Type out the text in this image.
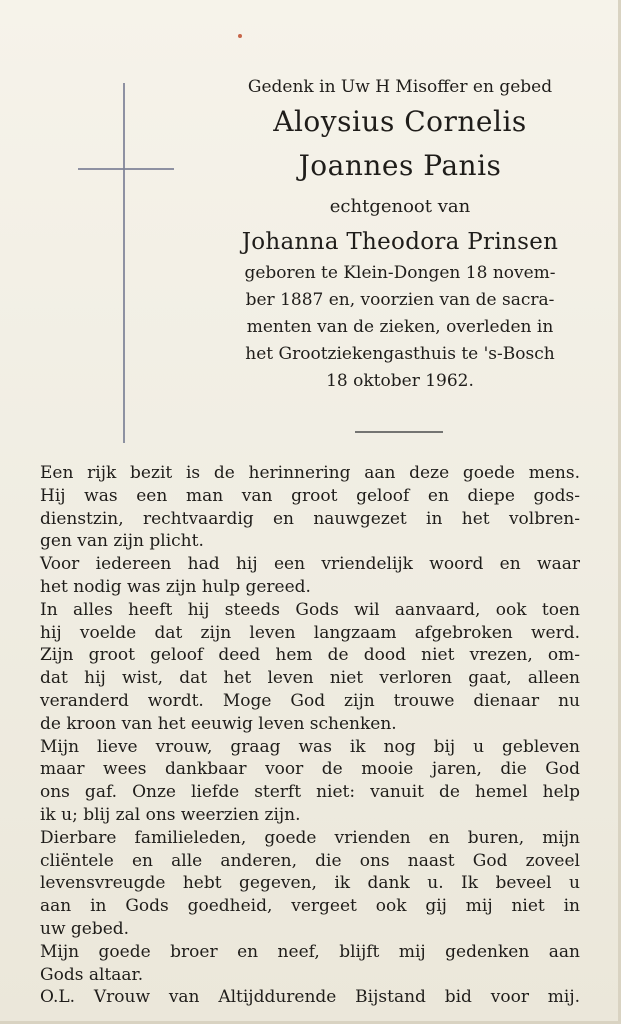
Gedenk in Uw H Misoffer en gebed

Aloysius Cornelis

Joannes Panis

echtgenoot van

Johanna Theodora Prinsen

geboren te Klein-Dongen 18 novem-

ber 1887 en, voorzien van de sacra-

menten van de zieken, overleden in

het Grootziekengasthuis te 's-Bosch

18 oktober 1962.

Een rijk bezit is de herinnering aan deze goede mens.

Hij was een man van groot geloof en diepe gods-

dienstzin, rechtvaardig en nauwgezet in het volbren-

gen van zijn plicht.

Voor iedereen had hij een vriendelijk woord en waar

het nodig was zijn hulp gereed.

In alles heeft hij steeds Gods wil aanvaard, ook toen

hij voelde dat zijn leven langzaam afgebroken werd.

Zijn groot geloof deed hem de dood niet vrezen, om-

dat hij wist, dat het leven niet verloren gaat, alleen

veranderd wordt. Moge God zijn trouwe dienaar nu

de kroon van het eeuwig leven schenken.

Mijn lieve vrouw, graag was ik nog bij u gebleven

maar wees dankbaar voor de mooie jaren, die God

ons gaf. Onze liefde sterft niet: vanuit de hemel help

ik u; blij zal ons weerzien zijn.

Dierbare familieleden, goede vrienden en buren, mijn

cliëntele en alle anderen, die ons naast God zoveel

levensvreugde hebt gegeven, ik dank u. Ik beveel u

aan in Gods goedheid, vergeet ook gij mij niet in

uw gebed.

Mijn goede broer en neef, blijft mij gedenken aan

Gods altaar.

O.L. Vrouw van Altijddurende Bijstand bid voor mij.
